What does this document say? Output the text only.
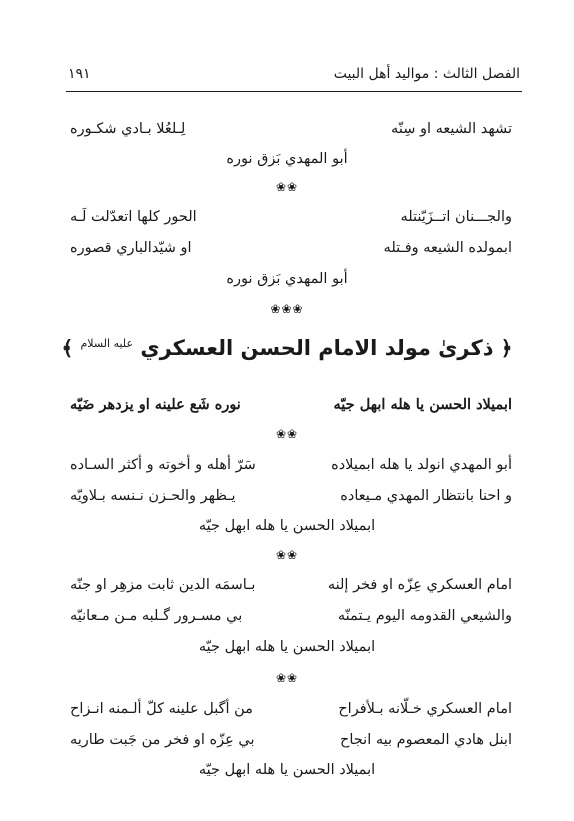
الفصل الثالث : مواليد أهل البيت
١٩١
تشهد الشيعه او سِنّه
لِـلعُلا بـادي شكـوره
أبو المهدي بَزق نوره
❀❀
والجـــنان اتــزَيّنتله
الحور كلها اتعدّلت لَـه
ابمولده الشيعه وفـتله
او شيّدالباري قصوره
أبو المهدي بَزق نوره
❀❀❀
﴿ ذكرىٰ مولد الامام الحسن العسكري $^{عليه السلام}$ ﴾
ابميلاد الحسن يا هله ابهل جيّه
نوره شَع علينه او يزدهر ضَيّه
❀❀
أبو المهدي انولد يا هله ابميلاده
سَرّ أهله و أخوته و أكثر السـاده
و احنا بانتظار المهدي مـيعاده
يـظهر والحـزن نـنسه بـلاويّه
ابميلاد الحسن يا هله ابهل جيّه
❀❀
امام العسكري عِزّه او فخر إلنه
بـاسمَه الدين ثابت مزهِر او جنّه
والشيعي القدومه اليوم يـتمنّه
بي مسـرور گـلبه مـن مـعانيّه
ابميلاد الحسن يا هله ابهل جيّه
❀❀
امام العسكري خـلّانه بـلأفراح
من أگبل علينه كلّ ألـمنه انـزاح
ابنل هادي المعصوم بيه انجاح
بي عِزّه او فخر من جَبت طاريه
ابميلاد الحسن يا هله ابهل جيّه
